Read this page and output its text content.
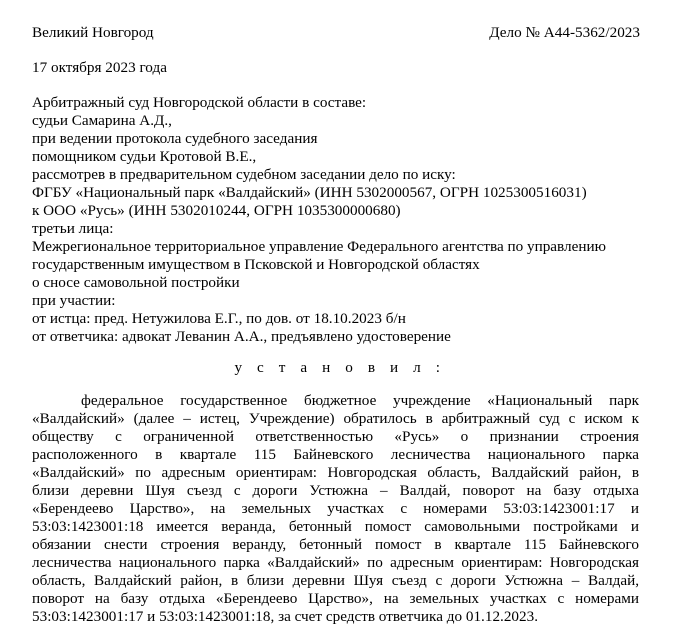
Великий Новгород	Дело № А44-5362/2023
17 октября 2023 года
Арбитражный суд Новгородской области в составе:
судьи Самарина А.Д.,
при ведении протокола судебного заседания
помощником судьи Кротовой В.Е.,
рассмотрев в предварительном судебном заседании дело по иску:
ФГБУ «Национальный парк «Валдайский» (ИНН 5302000567, ОГРН 1025300516031)
к ООО «Русь» (ИНН 5302010244, ОГРН 1035300000680)
третьи лица:
Межрегиональное территориальное управление Федерального агентства по управлению
государственным имуществом в Псковской и Новгородской областях
о сносе самовольной постройки
при участии:
от истца: пред. Нетужилова Е.Г., по дов. от 18.10.2023 б/н
от ответчика: адвокат Леванин А.А., предъявлено удостоверение
у с т а н о в и л :
федеральное государственное бюджетное учреждение «Национальный парк
«Валдайский» (далее – истец, Учреждение) обратилось в арбитражный суд с иском к
обществу с ограниченной ответственностью «Русь» о признании строения
расположенного в квартале 115 Байневского лесничества национального парка
«Валдайский» по адресным ориентирам: Новгородская область, Валдайский район, в
близи деревни Шуя съезд с дороги Устюжна – Валдай, поворот на базу отдыха
«Берендеево Царство», на земельных участках с номерами 53:03:1423001:17 и
53:03:1423001:18 имеется веранда, бетонный помост самовольными постройками и
обязании снести строения веранду, бетонный помост в квартале 115 Байневского
лесничества национального парка «Валдайский» по адресным ориентирам: Новгородская
область, Валдайский район, в близи деревни Шуя съезд с дороги Устюжна – Валдай,
поворот на базу отдыха «Берендеево Царство», на земельных участках с номерами
53:03:1423001:17 и 53:03:1423001:18, за счет средств ответчика до 01.12.2023.
